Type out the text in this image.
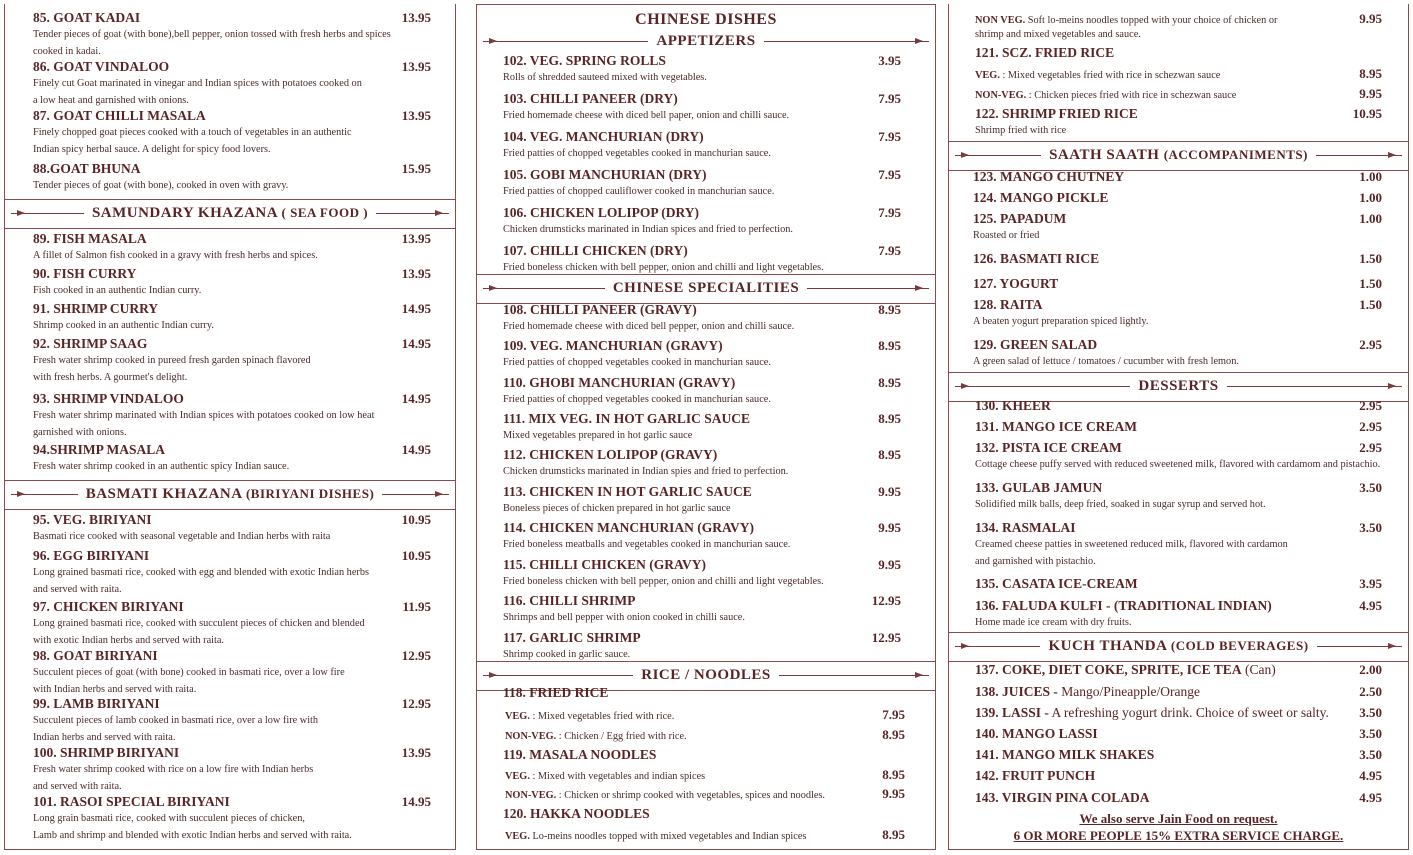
85. GOAT KADAI	13.95
Tender pieces of goat (with bone),bell pepper, onion tossed with fresh herbs and spices
cooked in kadai.
86. GOAT VINDALOO	13.95
Finely cut Goat marinated in vinegar and Indian spices with potatoes cooked on
a low heat and garnished with onions.
87. GOAT CHILLI MASALA	13.95
Finely chopped goat pieces cooked with a touch of vegetables in an authentic
Indian spicy herbal sauce. A delight for spicy food lovers.
88.GOAT BHUNA	15.95
Tender pieces of goat (with bone), cooked in oven with gravy.
SAMUNDARY KHAZANA ( SEA FOOD )
89. FISH MASALA	13.95
A fillet of Salmon fish cooked in a gravy with fresh herbs and spices.
90. FISH CURRY	13.95
Fish cooked in an authentic Indian curry.
91. SHRIMP CURRY	14.95
Shrimp cooked in an authentic Indian curry.
92. SHRIMP SAAG	14.95
Fresh water shrimp cooked in pureed fresh garden spinach flavored
with fresh herbs. A gourmet's delight.
93. SHRIMP VINDALOO	14.95
Fresh water shrimp marinated with Indian spices with potatoes cooked on low heat
garnished with onions.
94.SHRIMP MASALA	14.95
Fresh water shrimp cooked in an authentic spicy Indian sauce.
BASMATI KHAZANA (BIRIYANI DISHES)
95. VEG. BIRIYANI	10.95
Basmati rice cooked with seasonal vegetable and Indian herbs with raita
96. EGG BIRIYANI	10.95
Long grained basmati rice, cooked with egg and blended with exotic Indian herbs
and served with raita.
97. CHICKEN BIRIYANI	11.95
Long grained basmati rice, cooked with succulent pieces of chicken and blended
with exotic Indian herbs and served with raita.
98. GOAT BIRIYANI	12.95
Succulent pieces of goat (with bone) cooked in basmati rice, over a low fire
with Indian herbs and served with raita.
99. LAMB BIRIYANI	12.95
Succulent pieces of lamb cooked in basmati rice, over a low fire with
Indian herbs and served with raita.
100. SHRIMP BIRIYANI	13.95
Fresh water shrimp cooked with rice on a low fire with Indian herbs
and served with raita.
101. RASOI SPECIAL BIRIYANI	14.95
Long grain basmati rice, cooked with succulent pieces of chicken,
Lamb and shrimp and blended with exotic Indian herbs and served with raita.
CHINESE DISHES
APPETIZERS
102. VEG. SPRING ROLLS	3.95
Rolls of shredded sauteed mixed with vegetables.
103. CHILLI PANEER (DRY)	7.95
Fried homemade cheese with diced bell paper, onion and chilli sauce.
104. VEG. MANCHURIAN (DRY)	7.95
Fried patties of chopped vegetables cooked in manchurian sauce.
105. GOBI MANCHURIAN (DRY)	7.95
Fried patties of chopped cauliflower cooked in manchurian sauce.
106. CHICKEN LOLIPOP (DRY)	7.95
Chicken drumsticks marinated in Indian spices and fried to perfection.
107. CHILLI CHICKEN (DRY)	7.95
Fried boneless chicken with bell pepper, onion and chilli and light vegetables.
CHINESE SPECIALITIES
108. CHILLI PANEER (GRAVY)	8.95
Fried homemade cheese with diced bell pepper, onion and chilli sauce.
109. VEG. MANCHURIAN (GRAVY)	8.95
Fried patties of chopped vegetables cooked in manchurian sauce.
110. GHOBI MANCHURIAN (GRAVY)	8.95
Fried patties of chopped vegetables cooked in manchurian sauce.
111. MIX VEG. IN HOT GARLIC SAUCE	8.95
Mixed vegetables prepared in hot garlic sauce
112. CHICKEN LOLIPOP (GRAVY)	8.95
Chicken drumsticks marinated in Indian spies and fried to perfection.
113. CHICKEN IN HOT GARLIC SAUCE	9.95
Boneless pieces of chicken prepared in hot garlic sauce
114. CHICKEN MANCHURIAN (GRAVY)	9.95
Fried boneless meatballs and vegetables cooked in manchurian sauce.
115. CHILLI CHICKEN (GRAVY)	9.95
Fried boneless chicken with bell pepper, onion and chilli and light vegetables.
116. CHILLI SHRIMP	12.95
Shrimps and bell pepper with onion cooked in chilli sauce.
117. GARLIC SHRIMP	12.95
Shrimp cooked in garlic sauce.
RICE / NOODLES
118. FRIED RICE
VEG. : Mixed vegetables fried with rice.	7.95
NON-VEG. : Chicken / Egg fried with rice.	8.95
119. MASALA NOODLES
VEG. : Mixed with vegetables and indian spices	8.95
NON-VEG. : Chicken or shrimp cooked with vegetables, spices and noodles.	9.95
120. HAKKA NOODLES
VEG. Lo-meins noodles topped with mixed vegetables and Indian spices	8.95
NON VEG. Soft lo-meins noodles topped with your choice of chicken or	9.95
shrimp and mixed vegetables and sauce.
121. SCZ. FRIED RICE
VEG. : Mixed vegetables fried with rice in schezwan sauce	8.95
NON-VEG. : Chicken pieces fried with rice in schezwan sauce	9.95
122. SHRIMP FRIED RICE	10.95
Shrimp fried with rice
SAATH SAATH (ACCOMPANIMENTS)
123. MANGO CHUTNEY	1.00
124. MANGO PICKLE	1.00
125. PAPADUM	1.00
Roasted or fried
126. BASMATI RICE	1.50
127. YOGURT	1.50
128. RAITA	1.50
A beaten yogurt preparation spiced lightly.
129. GREEN SALAD	2.95
A green salad of lettuce / tomatoes / cucumber with fresh lemon.
DESSERTS
130. KHEER	2.95
131. MANGO ICE CREAM	2.95
132. PISTA ICE CREAM	2.95
Cottage cheese puffy served with reduced sweetened milk, flavored with cardamom and pistachio.
133. GULAB JAMUN	3.50
Solidified milk balls, deep fried, soaked in sugar syrup and served hot.
134. RASMALAI	3.50
Creamed cheese patties in sweetened reduced milk, flavored with cardamon
and garnished with pistachio.
135. CASATA ICE-CREAM	3.95
136. FALUDA KULFI - (TRADITIONAL INDIAN)	4.95
Home made ice cream with dry fruits.
KUCH THANDA (COLD BEVERAGES)
137. COKE, DIET COKE, SPRITE, ICE TEA (Can)	2.00
138. JUICES - Mango/Pineapple/Orange	2.50
139. LASSI - A refreshing yogurt drink. Choice of sweet or salty. 3.50
140. MANGO LASSI	3.50
141. MANGO MILK SHAKES	3.50
142. FRUIT PUNCH	4.95
143. VIRGIN PINA COLADA	4.95
We also serve Jain Food on request.
6 OR MORE PEOPLE 15% EXTRA SERVICE CHARGE.
